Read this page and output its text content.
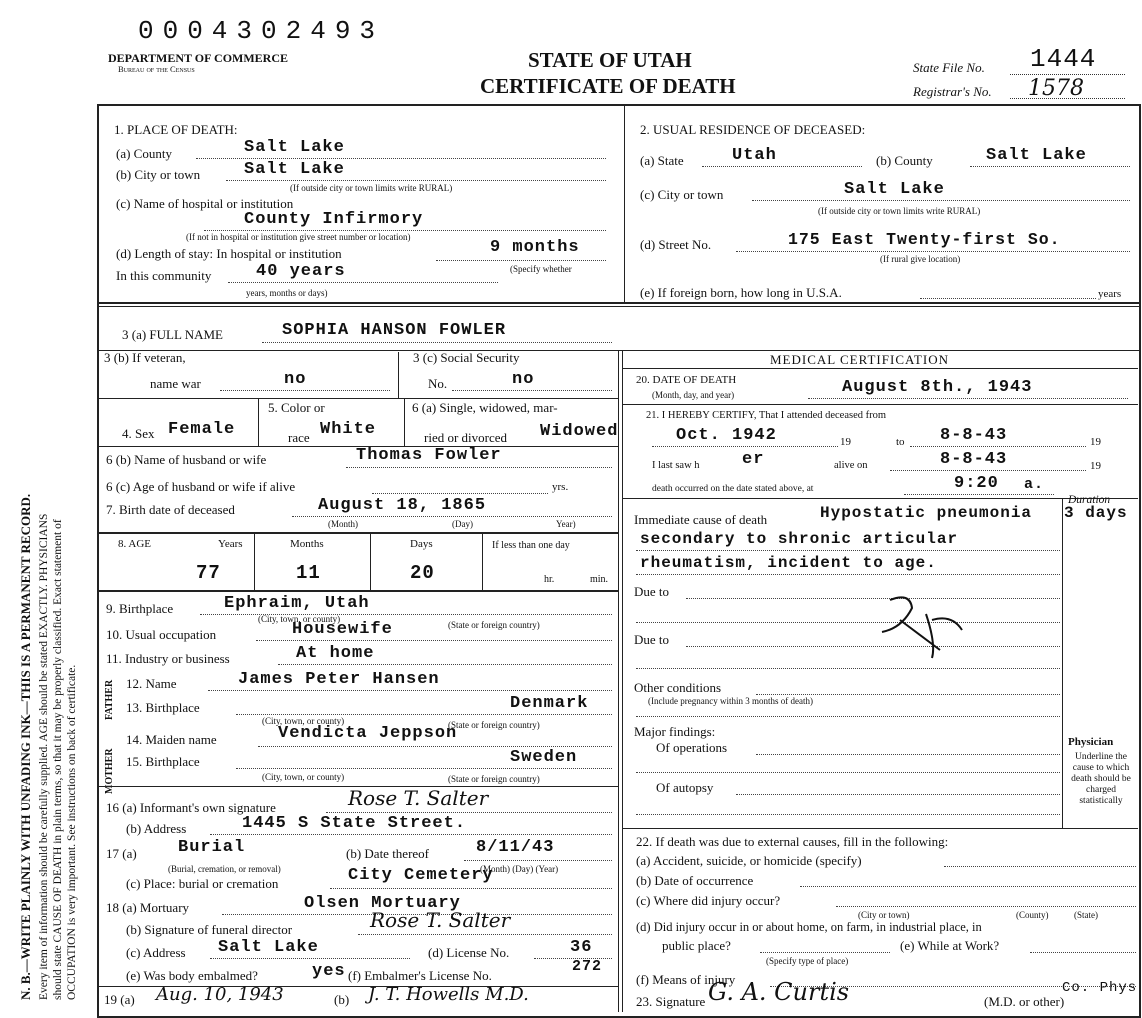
0004302493
DEPARTMENT OF COMMERCE
Bureau of the Census	STATE OF UTAH
CERTIFICATE OF DEATH
State File No. 1444
Registrar's No. 1578
N. B.—WRITE PLAINLY WITH UNFADING INK—THIS IS A PERMANENT RECORD. Every item of information should be carefully supplied. AGE should be stated EXACTLY. PHYSICIANS should state CAUSE OF DEATH in plain terms, so that it may be properly classified. Exact statement of OCCUPATION is very important. See instructions on back of certificate.
1. PLACE OF DEATH:
(a) County	Salt Lake
(b) City or town	Salt Lake
(If outside city or town limits write RURAL)
(c) Name of hospital or institution
County Infirmory
(If not in hospital or institution give street number or location)
(d) Length of stay: In hospital or institution	9 months
In this community	40 years	(Specify whether
years, months or days)
2. USUAL RESIDENCE OF DECEASED:
(a) State	Utah	(b) County	Salt Lake
(c) City or town	Salt Lake
(If outside city or town limits write RURAL)
(d) Street No.	175 East Twenty-first So.
(If rural give location)
(e) If foreign born, how long in U.S.A.	years
3 (a) FULL NAME	SOPHIA HANSON FOWLER
3 (b) If veteran,
name war	no
3 (c) Social Security
No.	no
4. Sex Female
5. Color or
race White
6 (a) Single, widowed, mar-
ried or divorced Widowed
6 (b) Name of husband or wife	Thomas Fowler
6 (c) Age of husband or wife if alive	yrs.
7. Birth date of deceased	August 18, 1865
(Month)	(Day)	Year)
8. AGE	Years	Months	Days	If less than one day
77	11	20	hr.	min.
9. Birthplace	Ephraim, Utah
(City, town, or county)
(State or foreign country)
10. Usual occupation	Housewife
11. Industry or business	At home
FATHER
MOTHER
12. Name	James Peter Hansen
13. Birthplace	Denmark
(City, town, or county)	(State or foreign country)
14. Maiden name	Vendicta Jeppson
15. Birthplace	Sweden
(City, town, or county)	(State or foreign country)
16 (a) Informant's own signature	Rose T. Salter
(b) Address	1445 S State Street.
17 (a) Burial
(Burial, cremation, or removal)
(b) Date thereof	8/11/43
(Month) (Day) (Year)
(c) Place: burial or cremation	City Cemetery
18 (a) Mortuary	Olsen Mortuary
(b) Signature of funeral director	Rose T. Salter
(c) Address Salt Lake	(d) License No.	36
(e) Was body embalmed?	yes (f) Embalmer's License No.
272
19 (a) Aug. 10, 1943	(b) J. T. Howells M.D.
MEDICAL CERTIFICATION
20. DATE OF DEATH
(Month, day, and year)	August 8th., 1943
21. I HEREBY CERTIFY, That I attended deceased from
Oct. 1942	19	to 8-8-43	19
I last saw h er	alive on	8-8-43	19
death occurred on the date stated above, at	9:20 a.
Duration
Immediate cause of death	Hypostatic pneumonia 3 days
secondary to shronic articular
rheumatism, incident to age.
Due to
Due to
Other conditions
(Include pregnancy within 3 months of death)
Major findings:
Of operations
Of autopsy
Physician
Underline the cause to which death should be charged statistically
22. If death was due to external causes, fill in the following:
(a) Accident, suicide, or homicide (specify)
(b) Date of occurrence
(c) Where did injury occur?
(City or town)	(County)	(State)
(d) Did injury occur in or about home, on farm, in industrial place, in
public place?	(e) While at Work?
(Specify type of place)
(f) Means of injury
23. Signature G. A. Curtis	(M.D. or other)
Co. Phys
